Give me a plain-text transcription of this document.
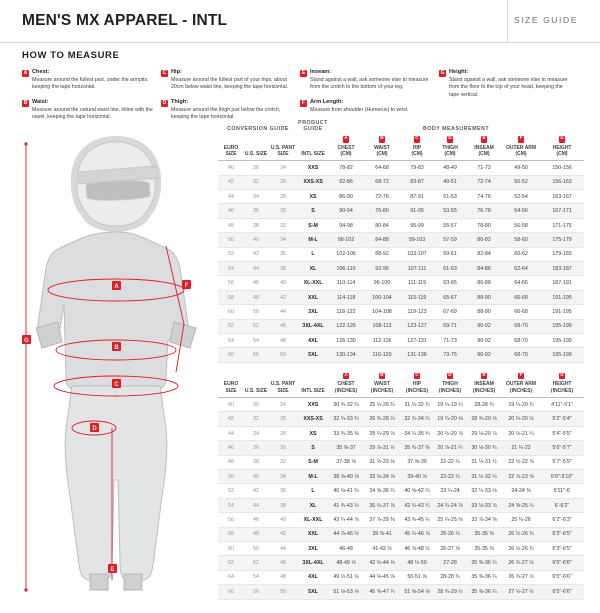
MEN'S MX APPAREL - INTL	SIZE GUIDE
HOW TO MEASURE
A Chest:
Measure around the fullest part, under the armpits, keeping the tape horizontal.
B Waist:
Measure around the natural waist line, inline with the navel, keeping the tape horizontal.
C Hip:
Measure around the fullest part of your hips, about 20cm below waist line, keeping the tape horizontal.
D Thigh:
Measure around the thigh just below the crotch, keeping the tape horizontal.
E Inseam:
Stand against a wall, ask someone else to measure from the crotch to the bottom of your leg.
F Arm Length:
Measure from shoulder (Humerus) to wrist.
G Height:
Stand against a wall, ask someone else to measure from the floor to the top of your head, keeping the tape vertical.
A
B
C
D
E
F
G
CONVERSION GUIDE			PRODUCT GUIDE	BODY MEASUREMENT						

EURO SIZE	U.S. SIZE	U.S. PANT SIZE	INTL SIZE	A
CHEST
(CM)	B
WAIST
(CM)	C
HIP
(CM)	D
THIGH
(CM)	E
INSEAM
(CM)	F
OUTER ARM
(CM)	G
HEIGHT
(CM)

40	30	24	XXS	78-82	64-68	79-83	48-49	71-72	49-50	150-156
42	32	26	XXS-XS	82-86	68-72	83-87	49-51	72-74	50-52	156-163
44	34	28	XS	86-90	72-76	87-91	51-53	74-76	52-54	163-167
46	36	30	S	90-94	76-80	91-95	53-55	76-78	54-56	167-171
48	38	32	S-M	94-98	80-84	95-99	55-57	78-80	56-58	171-175
50	40	34	M-L	98-102	84-88	99-103	57-59	80-82	58-60	175-179
52	42	36	L	102-106	88-92	103-107	59-61	82-84	60-62	179-183
54	44	38	XL	106-110	92-96	107-111	61-63	84-86	62-64	183-187
56	46	40	XL-XXL	110-114	96-100	111-115	63-65	86-88	64-66	187-191
58	48	42	XXL	114-118	100-104	115-119	65-67	88-90	66-68	191-195
60	50	44	3XL	118-122	104-108	119-123	67-69	88-90	66-68	191-195
62	52	46	3XL-4XL	122-126	108-112	123-127	69-71	90-92	68-70	195-199
64	54	48	4XL	126-130	112-116	127-131	71-73	90-92	68-70	195-199
66	56	50	5XL	130-134	116-120	131-136	73-75	90-92	68-70	195-199

EURO SIZE	U.S. SIZE	U.S. PANT SIZE	INTL SIZE	A
CHEST
(INCHES)	B
WAIST
(INCHES)	C
HIP
(INCHES)	D
THIGH
(INCHES)	E
INSEAM
(INCHES)	F
OUTER ARM
(INCHES)	G
HEIGHT
(INCHES)

40	30	24	XXS	30 ¾-32 ¼	25 ¼-26 ¾	31 ¼-32 ¾	19 ¼-19 ¼	28-28 ¾	19 ¼-20 ¾	4'11"-5'1"
42	32	26	XXS-XS	32 ¼-33 ¾	26 ¾-28 ¼	32 ¾-34 ¼	19 ¼-20 ⅛	28 ¾-29 ⅛	20 ¼-20 ½	5'2"-5'4"
44	34	28	XS	33 ¾-35 ⅜	28 ¼-29 ⅞	34 ¼-35 ¾	20 ½-20 ⅞	29 ⅛-29 ⅞	20 ½-21 ¼	5'4"-5'5"
46	36	30	S	35 ⅜-37	29 ⅞-31 ½	35 ¾-37 ⅜	20 ⅞-21 ¼	30 ⅛-30 ¾	21 ¼-22	5'6"-5'7"
48	38	32	S-M	37-38 ⅝	31 ½-33 ⅛	37 ⅜-39	22-22 ¼	31 ¼-31 ½	22 ½-22 ⅞	5'7"-5'9"
50	40	34	M-L	38 ⅝-40 ⅛	33 ⅛-34 ⅝	39-40 ⅝	22-23 ¼	31 ½-32 ¼	22 ⅞-23 ⅝	5'9"-5'10"
52	42	36	L	40 ⅛-41 ¾	34 ⅝-36 ¼	40 ⅝-42 ¼	23 ¼-24	32 ¼-33 ⅛	24-24 ⅜	5'11"-6'
54	44	38	XL	41 ¾-43 ¼	36 ¼-37 ⅞	42 ¼-43 ¾	24 ¼-24 ⅞	33 ⅛-33 ⅞	24 ⅜-25 ¼	6'-6'2"
56	46	40	XL-XXL	43 ¼-44 ⅞	37 ⅞-39 ⅜	43 ¾-45 ¼	25 ¼-25 ⅝	33 ⅞-34 ⅝	25 ¼-26	6'2"-6'3"
58	48	42	XXL	44 ⅞-46 ½	39 ⅜-41	45 ¼-46 ⅞	26-26 ¼	35-35 ⅜	26 ½-26 ¾	6'3"-6'5"
60	50	44	3XL	46-48	41-42 ½	46 ⅞-48 ½	26-27 ⅛	35-35 ⅜	26 ½-26 ¾	6'3"-6'5"
62	52	46	3XL-4XL	48-49 ½	42 ½-44 ⅛	48 ½-50	27-28	35 ⅜-36 ¼	26 ¾-27 ½	6'5"-6'6"
64	54	48	4XL	49 ½-51 ⅛	44 ⅛-45 ⅝	50-51 ⅝	28-28 ¾	35 ⅜-36 ¼	26 ¾-27 ½	6'5"-6'6"
66	56	50	5XL	51 ⅛-53 ⅛	45 ⅝-47 ¼	51 ⅝-54 ⅛	28 ¾-29 ½	35 ⅜-36 ¼	27 ½-27 ½	6'5"-6'6"
